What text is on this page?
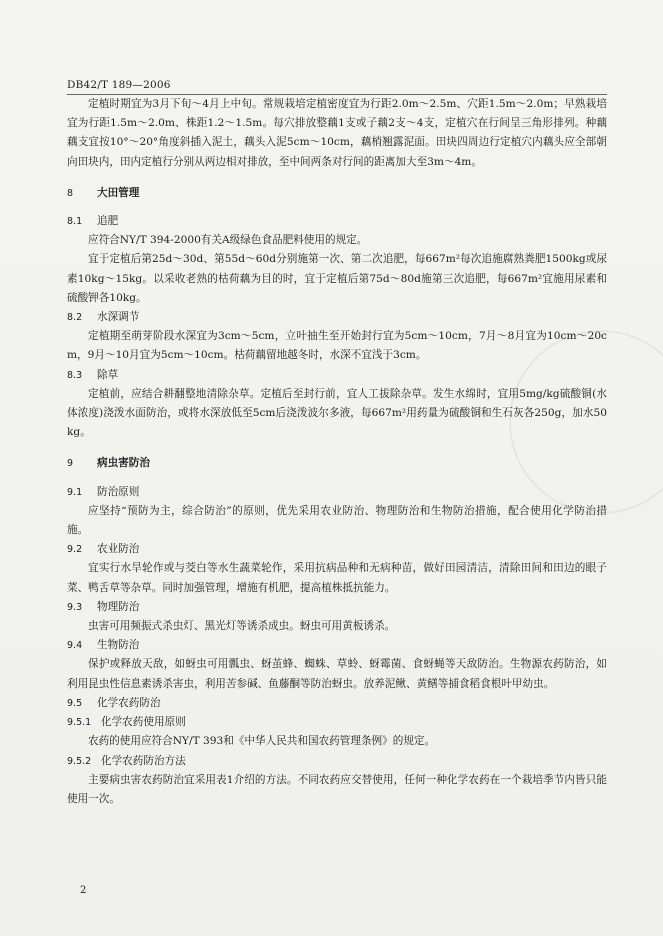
DB42/T 189—2006

定植时期宜为3月下旬～4月上中旬。常规栽培定植密度宜为行距2.0m～2.5m、穴距1.5m～2.0m；早熟栽培宜为行距1.5m～2.0m、株距1.2～1.5m。每穴排放整藕1支或子藕2支～4支，定植穴在行间呈三角形排列。种藕藕支宜按10°～20°角度斜插入泥土，藕头入泥5cm～10cm，藕梢翘露泥面。田块四周边行定植穴内藕头应全部朝向田块内，田内定植行分别从两边相对排放，至中间两条对行间的距离加大至3m～4m。

8 大田管理

8.1 追肥

应符合NY/T 394-2000有关A级绿色食品肥料使用的规定。

宜于定植后第25d～30d、第55d～60d分别施第一次、第二次追肥，每667m²每次追施腐熟粪肥1500kg或尿素10kg～15kg。以采收老熟的枯荷藕为目的时，宜于定植后第75d～80d施第三次追肥，每667m²宜施用尿素和硫酸钾各10kg。

8.2 水深调节

定植期至萌芽阶段水深宜为3cm～5cm，立叶抽生至开始封行宜为5cm～10cm，7月～8月宜为10cm～20cm，9月～10月宜为5cm～10cm。枯荷藕留地越冬时，水深不宜浅于3cm。

8.3 除草

定植前，应结合耕翻整地清除杂草。定植后至封行前，宜人工拔除杂草。发生水绵时，宜用5mg/kg硫酸铜(水体浓度)浇泼水面防治，或将水深放低至5cm后浇泼波尔多液，每667m²用药量为硫酸铜和生石灰各250g，加水50kg。

9 病虫害防治

9.1 防治原则

应坚持“预防为主，综合防治”的原则，优先采用农业防治、物理防治和生物防治措施，配合使用化学防治措施。

9.2 农业防治

宜实行水旱轮作或与茭白等水生蔬菜轮作，采用抗病品种和无病种苗，做好田园清洁，清除田间和田边的眼子菜、鸭舌草等杂草。同时加强管理，增施有机肥，提高植株抵抗能力。

9.3 物理防治

虫害可用频振式杀虫灯、黑光灯等诱杀成虫。蚜虫可用黄板诱杀。

9.4 生物防治

保护或释放天敌，如蚜虫可用瓢虫、蚜茧蜂、蜘蛛、草蛉、蚜霉菌、食蚜蝇等天敌防治。生物源农药防治，如利用昆虫性信息素诱杀害虫，利用苦参碱、鱼藤酮等防治蚜虫。放养泥鳅、黄鳝等捕食稻食根叶甲幼虫。

9.5 化学农药防治

9.5.1 化学农药使用原则

农药的使用应符合NY/T 393和《中华人民共和国农药管理条例》的规定。

9.5.2 化学农药防治方法

主要病虫害农药防治宜采用表1介绍的方法。不同农药应交替使用，任何一种化学农药在一个栽培季节内皆只能使用一次。

2
